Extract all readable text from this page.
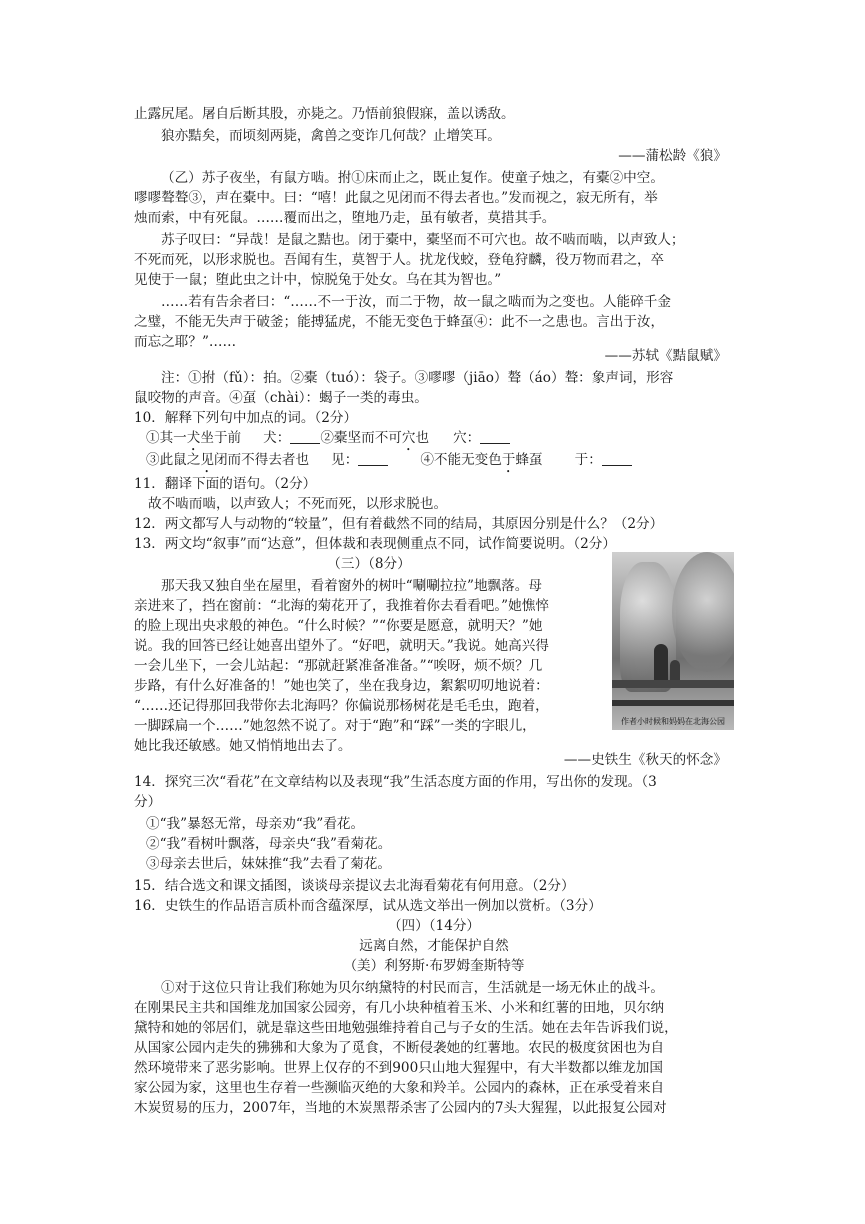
止露尻尾。屠自后断其股，亦毙之。乃悟前狼假寐，盖以诱敌。
狼亦黠矣，而顷刻两毙，禽兽之变诈几何哉？止增笑耳。
——蒲松龄《狼》
（乙）苏子夜坐，有鼠方啮。拊①床而止之，既止复作。使童子烛之，有橐②中空。
嘐嘐聱聱③，声在橐中。曰：“嘻！此鼠之见闭而不得去者也。”发而视之，寂无所有，举
烛而索，中有死鼠。……覆而出之，堕地乃走，虽有敏者，莫措其手。
苏子叹曰：“异哉！是鼠之黠也。闭于橐中，橐坚而不可穴也。故不啮而啮，以声致人；
不死而死，以形求脱也。吾闻有生，莫智于人。扰龙伐蛟，登龟狩麟，役万物而君之，卒
见使于一鼠；堕此虫之计中，惊脱兔于处女。乌在其为智也。”
……若有告余者曰：“……不一于汝，而二于物，故一鼠之啮而为之变也。人能碎千金
之璧，不能无失声于破釜；能搏猛虎，不能无变色于蜂虿④：此不一之患也。言出于汝，
而忘之耶？”……
——苏轼《黠鼠赋》
注：①拊（fǔ）：拍。②橐（tuó）：袋子。③嘐嘐（jiāo）聱（áo）聱：象声词，形容
鼠咬物的声音。④虿（chài）：蝎子一类的毒虫。
10．解释下列句中加点的词。（2分）
①其一犬坐于前 犬： ②橐坚而不可穴也 穴：
③此鼠之见闭而不得去者也 见：	④不能无变色于蜂虿 于：
11．翻译下面的语句。（2分）
故不啮而啮，以声致人；不死而死，以形求脱也。
12．两文都写人与动物的“较量”，但有着截然不同的结局，其原因分别是什么？（2分）
13．两文均“叙事”而“达意”，但体裁和表现侧重点不同，试作简要说明。（2分）
（三）（8分）
那天我又独自坐在屋里，看着窗外的树叶“唰唰拉拉”地飘落。母
亲进来了，挡在窗前：“北海的菊花开了，我推着你去看看吧。”她憔悴
的脸上现出央求般的神色。“什么时候？”“你要是愿意，就明天？”她
说。我的回答已经让她喜出望外了。“好吧，就明天。”我说。她高兴得
一会儿坐下，一会儿站起：“那就赶紧准备准备。”“唉呀，烦不烦？几
步路，有什么好准备的！”她也笑了，坐在我身边，絮絮叨叨地说着：
“……还记得那回我带你去北海吗？你偏说那杨树花是毛毛虫，跑着，
一脚踩扁一个……”她忽然不说了。对于“跑”和“踩”一类的字眼儿，
她比我还敏感。她又悄悄地出去了。
作者小时候和妈妈在北海公园
——史铁生《秋天的怀念》
14．探究三次“看花”在文章结构以及表现“我”生活态度方面的作用，写出你的发现。（3
分）
①“我”暴怒无常，母亲劝“我”看花。
②“我”看树叶飘落，母亲央“我”看菊花。
③母亲去世后，妹妹推“我”去看了菊花。
15．结合选文和课文插图，谈谈母亲提议去北海看菊花有何用意。（2分）
16．史铁生的作品语言质朴而含蕴深厚，试从选文举出一例加以赏析。（3分）
（四）（14分）
远离自然，才能保护自然
（美）利努斯·布罗姆奎斯特等
①对于这位只肯让我们称她为贝尔纳黛特的村民而言，生活就是一场无休止的战斗。
在刚果民主共和国维龙加国家公园旁，有几小块种植着玉米、小米和红薯的田地，贝尔纳
黛特和她的邻居们，就是靠这些田地勉强维持着自己与子女的生活。她在去年告诉我们说，
从国家公园内走失的狒狒和大象为了觅食，不断侵袭她的红薯地。农民的极度贫困也为自
然环境带来了恶劣影响。世界上仅存的不到900只山地大猩猩中，有大半数都以维龙加国
家公园为家，这里也生存着一些濒临灭绝的大象和羚羊。公园内的森林，正在承受着来自
木炭贸易的压力，2007年，当地的木炭黑帮杀害了公园内的7头大猩猩，以此报复公园对
